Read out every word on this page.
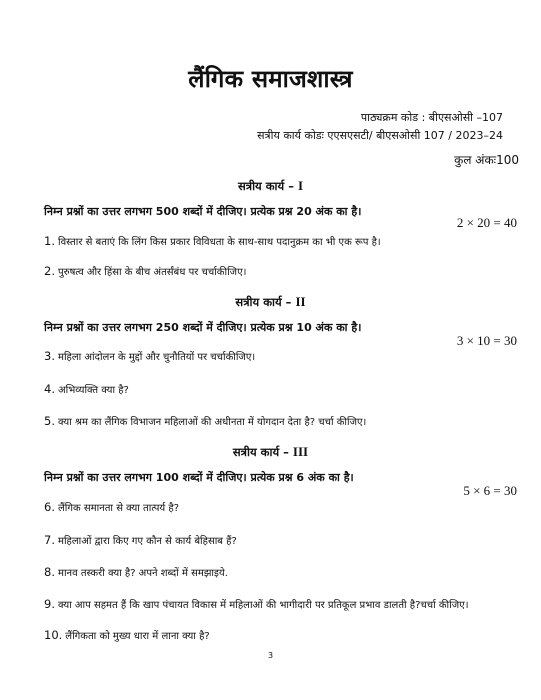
लैंगिक समाजशास्त्र
पाठ्यक्रम कोड : बीएसओसी –107
सत्रीय कार्य कोडः एएसएसटी/ बीएसओसी 107 / 2023–24
कुल अंकः100
सत्रीय कार्य – I
निम्न प्रश्नों का उत्तर लगभग 500 शब्दों में दीजिए। प्रत्येक प्रश्न 20 अंक का है।
2 × 20 = 40
1. विस्तार से बताएं कि लिंग किस प्रकार विविधता के साथ-साथ पदानुक्रम का भी एक रूप है।
2. पुरुषत्व और हिंसा के बीच अंतर्संबंध पर चर्चाकीजिए।
सत्रीय कार्य – II
निम्न प्रश्नों का उत्तर लगभग 250 शब्दों में दीजिए। प्रत्येक प्रश्न 10 अंक का है।
3 × 10 = 30
3. महिला आंदोलन के मुद्दों और चुनौतियों पर चर्चाकीजिए।
4. अभिव्यक्ति क्या है?
5. क्या श्रम का लैंगिक विभाजन महिलाओं की अधीनता में योगदान देता है? चर्चा कीजिए।
सत्रीय कार्य – III
निम्न प्रश्नों का उत्तर लगभग 100 शब्दों में दीजिए। प्रत्येक प्रश्न 6 अंक का है।
5 × 6 = 30
6. लैंगिक समानता से क्या तात्पर्य है?
7. महिलाओं द्वारा किए गए कौन से कार्य बेहिसाब हैं?
8. मानव तस्करी क्या है? अपने शब्दों में समझाइये.
9. क्या आप सहमत हैं कि खाप पंचायत विकास में महिलाओं की भागीदारी पर प्रतिकूल प्रभाव डालती है?चर्चा कीजिए।
10. लैंगिकता को मुख्य धारा में लाना क्या है?
3
